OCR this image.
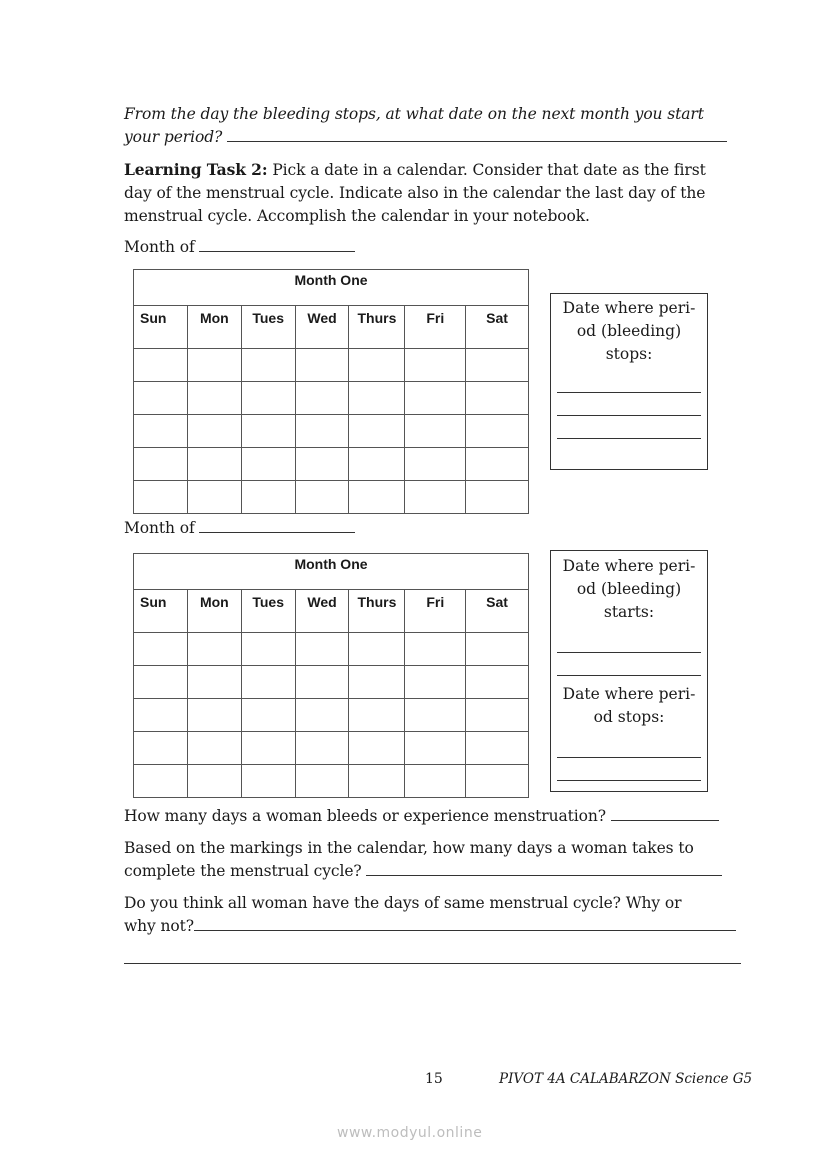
From the day the bleeding stops, at what date on the next month you start
your period?
Learning Task 2: Pick a date in a calendar. Consider that date as the first
day of the menstrual cycle. Indicate also in the calendar the last day of the
menstrual cycle. Accomplish the calendar in your notebook.
Month of
Month One						
Sun	Mon	Tues	Wed	Thurs	Fri	Sat

Date where peri-
od (bleeding)
stops:
Month of
Month One						
Sun	Mon	Tues	Wed	Thurs	Fri	Sat

Date where peri-
od (bleeding)
starts:
Date where peri-
od stops:
How many days a woman bleeds or experience menstruation?
Based on the markings in the calendar, how many days a woman takes to
complete the menstrual cycle?
Do you think all woman have the days of same menstrual cycle? Why or
why not?
15	PIVOT 4A CALABARZON Science G5
www.modyul.online
